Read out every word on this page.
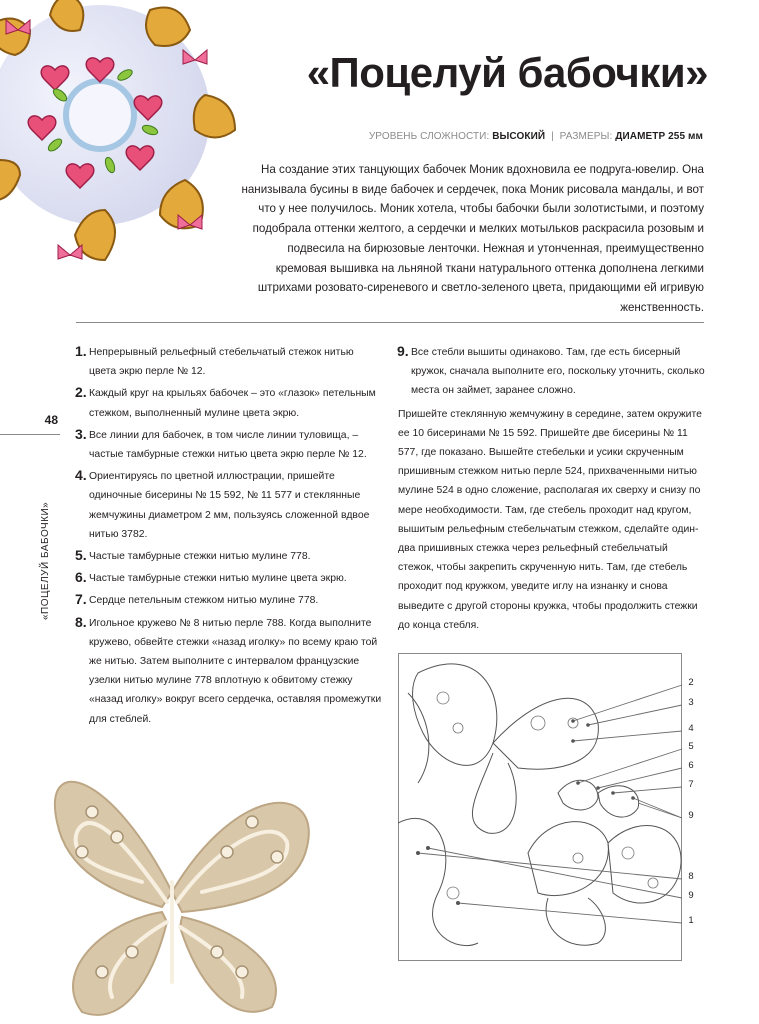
«Поцелуй бабочки»
УРОВЕНЬ СЛОЖНОСТИ: ВЫСОКИЙ | РАЗМЕРЫ: ДИАМЕТР 255 мм
На создание этих танцующих бабочек Моник вдохновила ее подруга-ювелир. Она нанизывала бусины в виде бабочек и сердечек, пока Моник рисовала мандалы, и вот что у нее получилось. Моник хотела, чтобы бабочки были золотистыми, и поэтому подобрала оттенки желтого, а сердечки и мелких мотыльков раскрасила розовым и подвесила на бирюзовые ленточки. Нежная и утонченная, преимущественно кремовая вышивка на льняной ткани натурального оттенка дополнена легкими штрихами розовато-сиреневого и светло-зеленого цвета, придающими ей игривую женственность.
48
«ПОЦЕЛУЙ БАБОЧКИ»
1. Непрерывный рельефный стебельчатый стежок нитью цвета экрю перле № 12.
2. Каждый круг на крыльях бабочек – это «глазок» петельным стежком, выполненный мулине цвета экрю.
3. Все линии для бабочек, в том числе линии туловища, – частые тамбурные стежки нитью цвета экрю перле № 12.
4. Ориентируясь по цветной иллюстрации, пришейте одиночные бисерины № 15 592, № 11 577 и стеклянные жемчужины диаметром 2 мм, пользуясь сложенной вдвое нитью 3782.
5. Частые тамбурные стежки нитью мулине 778.
6. Частые тамбурные стежки нитью мулине цвета экрю.
7. Сердце петельным стежком нитью мулине 778.
8. Игольное кружево № 8 нитью перле 788. Когда выполните кружево, обвейте стежки «назад иголку» по всему краю той же нитью. Затем выполните с интервалом французские узелки нитью мулине 778 вплотную к обвитому стежку «назад иголку» вокруг всего сердечка, оставляя промежутки для стеблей.
9. Все стебли вышиты одинаково. Там, где есть бисерный кружок, сначала выполните его, поскольку уточнить, сколько места он займет, заранее сложно.

Пришейте стеклянную жемчужину в середине, затем окружите ее 10 бисеринами № 15 592. Пришейте две бисерины № 11 577, где показано. Вышейте стебельки и усики скрученным пришивным стежком нитью перле 524, прихваченными нитью мулине 524 в одно сложение, располагая их сверху и снизу по мере необходимости. Там, где стебель проходит над кругом, вышитым рельефным стебельчатым стежком, сделайте один-два пришивных стежка через рельефный стебельчатый стежок, чтобы закрепить скрученную нить. Там, где стебель проходит под кружком, уведите иглу на изнанку и снова выведите с другой стороны кружка, чтобы продолжить стежки до конца стебля.

2
3
4
5
6
7
9
8
9
1
